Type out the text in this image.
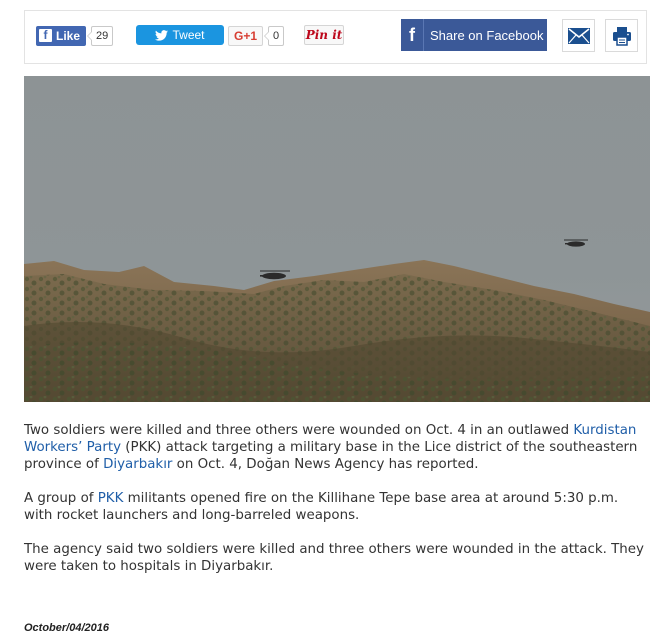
f Like	29	Tweet	G+1	0	Pin it	f	Share on Facebook

Two soldiers were killed and three others were wounded on Oct. 4 in an outlawed Kurdistan Workers’ Party (PKK) attack targeting a military base in the Lice district of the southeastern province of Diyarbakır on Oct. 4, Doğan News Agency has reported.

A group of PKK militants opened fire on the Killihane Tepe base area at around 5:30 p.m. with rocket launchers and long-barreled weapons.

The agency said two soldiers were killed and three others were wounded in the attack. They were taken to hospitals in Diyarbakır.

October/04/2016
